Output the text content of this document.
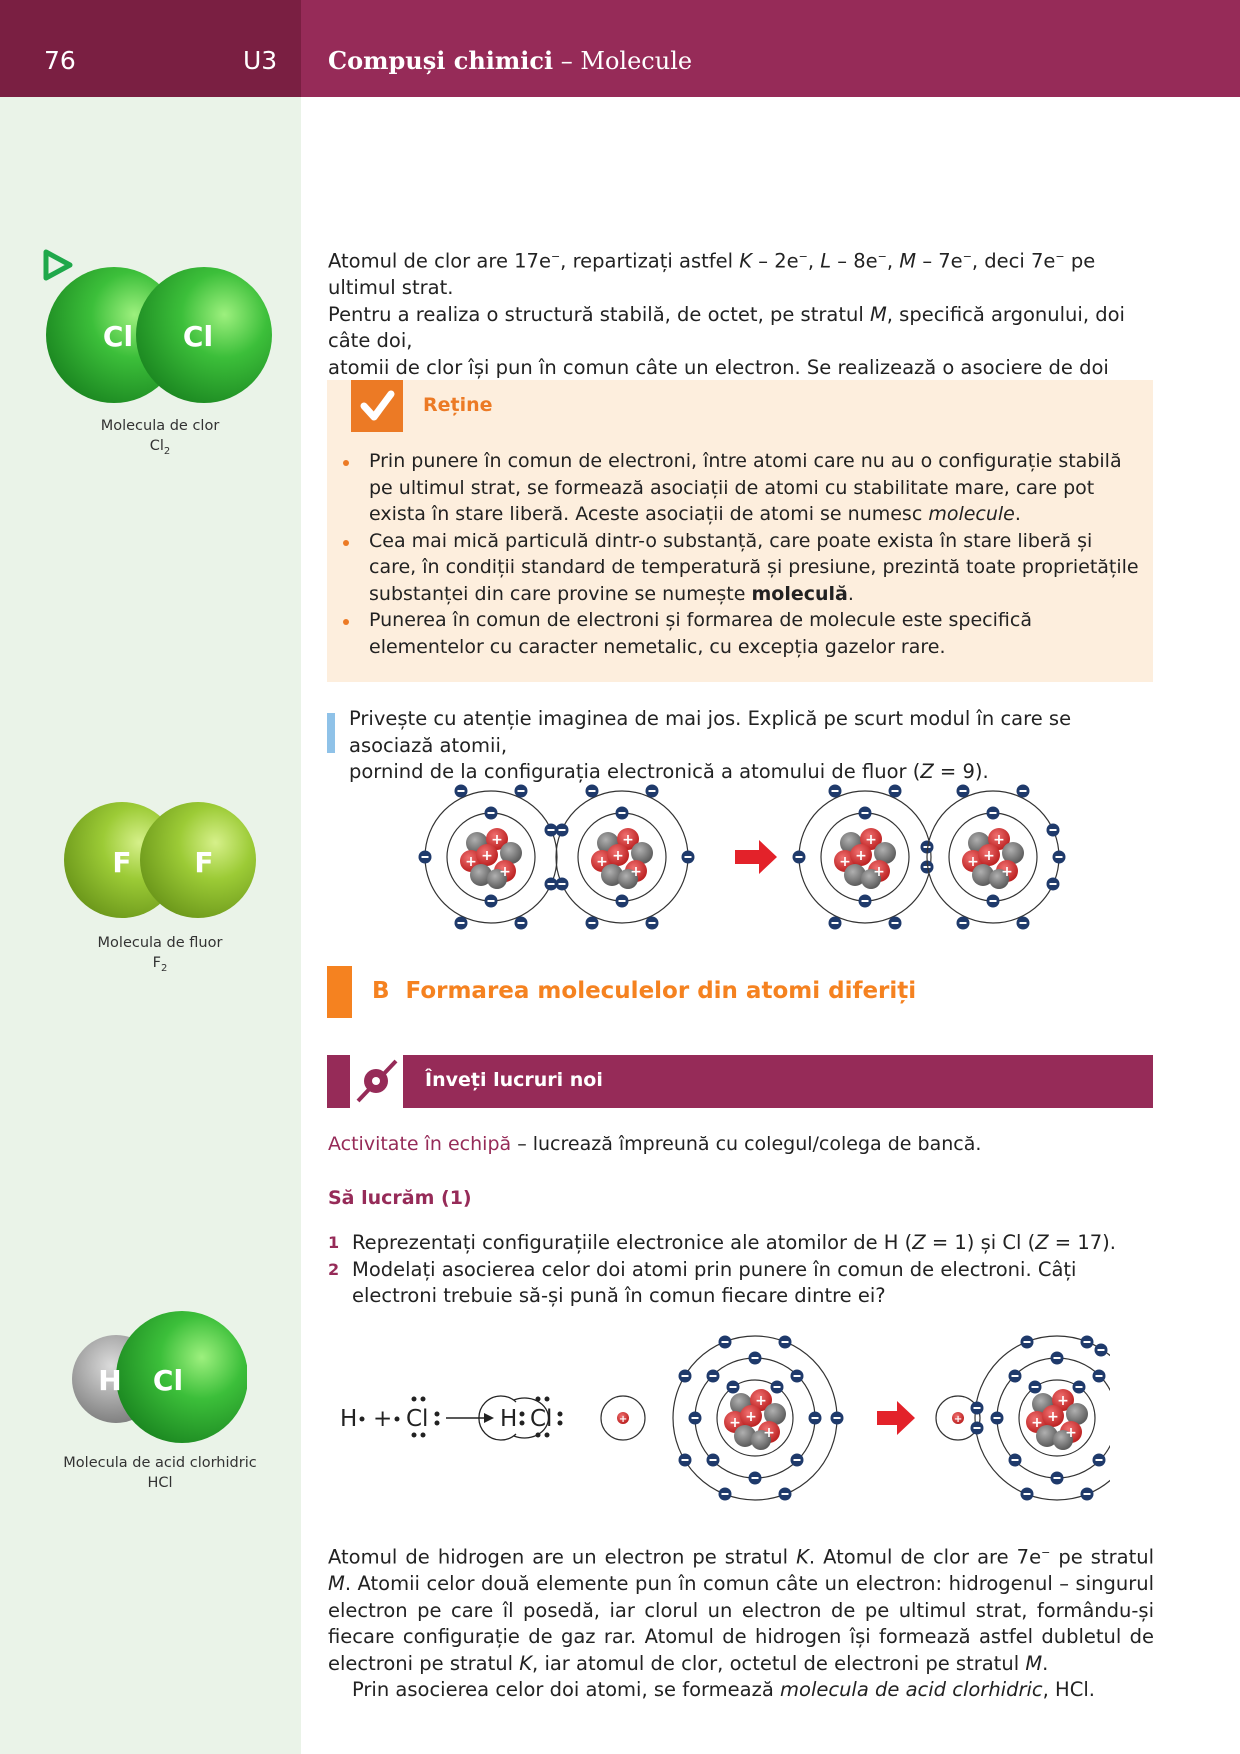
76	U3 Compuși chimici – Molecule
Cl Cl
Molecula de clor
$Cl_2$

Atomul de clor are 17e−, repartizați astfel K – 2e−, L – 8e−, M – 7e−, deci 7e− pe ultimul strat.
Pentru a realiza o structură stabilă, de octet, pe stratul M, specifică argonului, doi câte doi,
atomii de clor își pun în comun câte un electron. Se realizează o asociere de doi

Reține
Prin punere în comun de electroni, între atomi care nu au o configurație stabilă pe ultimul strat, se formează asociații de atomi cu stabilitate mare, care pot exista în stare liberă. Aceste asociații de atomi se numesc molecule.
Cea mai mică particulă dintr-o substanță, care poate exista în stare liberă și care, în condiții standard de temperatură și presiune, prezintă toate proprietățile substanței din care provine se numește moleculă.
Punerea în comun de electroni și formarea de molecule este specifică elementelor cu caracter nemetalic, cu excepția gazelor rare.

Privește cu atenție imaginea de mai jos. Explică pe scurt modul în care se asociază atomii,
pornind de la configurația electronică a atomului de fluor (Z = 9).

F F
Molecula de fluor
$F_2$
+
B Formarea moleculelor din atomi diferiți
Înveți lucruri noi
Activitate în echipă – lucrează împreună cu colegul/colega de bancă.
Să lucrăm (1)
1 Reprezentați configurațiile electronice ale atomilor de H (Z = 1) și Cl (Z = 17).
2 Modelați asocierea celor doi atomi prin punere în comun de electroni. Câți electroni trebuie să-și pună în comun fiecare dintre ei?
H Cl
Molecula de acid clorhidric
HCl
H + Cl	H Cl	+	+

Atomul de hidrogen are un electron pe stratul K. Atomul de clor are 7e− pe stratul M. Atomii celor două elemente pun în comun câte un electron: hidrogenul – singurul electron pe care îl posedă, iar clorul un electron de pe ultimul strat, formându-și fiecare configurație de gaz rar. Atomul de hidrogen își formează astfel dubletul de electroni pe stratul K, iar atomul de clor, octetul de electroni pe stratul M.

Prin asocierea celor doi atomi, se formează molecula de acid clorhidric, HCl.
